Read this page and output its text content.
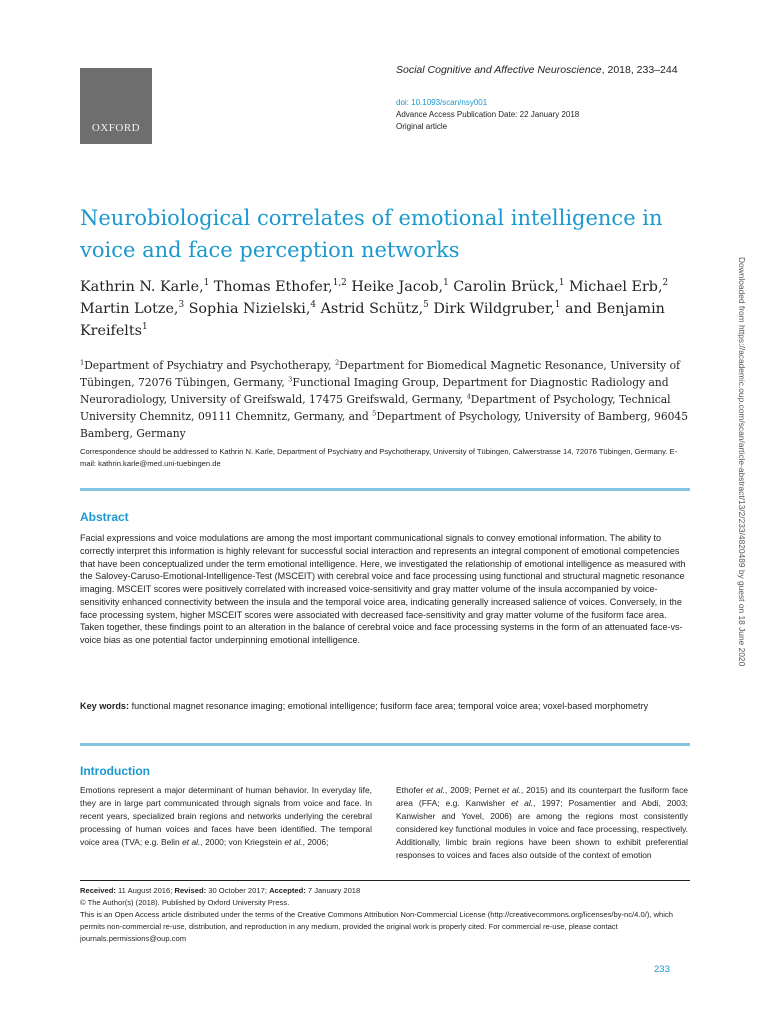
OXFORD
Social Cognitive and Affective Neuroscience, 2018, 233–244
doi: 10.1093/scan/nsy001
Advance Access Publication Date: 22 January 2018
Original article
Neurobiological correlates of emotional intelligence in voice and face perception networks
Kathrin N. Karle,$^1$ Thomas Ethofer,$^{1,2}$ Heike Jacob,$^1$ Carolin Brück,$^1$ Michael Erb,$^2$ Martin Lotze,$^3$ Sophia Nizielski,$^4$ Astrid Schütz,$^5$ Dirk Wildgruber,$^1$ and Benjamin Kreifelts$^1$
$^1$Department of Psychiatry and Psychotherapy, $^2$Department for Biomedical Magnetic Resonance, University of Tübingen, 72076 Tübingen, Germany, $^3$Functional Imaging Group, Department for Diagnostic Radiology and Neuroradiology, University of Greifswald, 17475 Greifswald, Germany, $^4$Department of Psychology, Technical University Chemnitz, 09111 Chemnitz, Germany, and $^5$Department of Psychology, University of Bamberg, 96045 Bamberg, Germany
Correspondence should be addressed to Kathrin N. Karle, Department of Psychiatry and Psychotherapy, University of Tübingen, Calwerstrasse 14, 72076 Tübingen, Germany. E-mail: kathrin.karle@med.uni-tuebingen.de
Abstract

Facial expressions and voice modulations are among the most important communicational signals to convey emotional information. The ability to correctly interpret this information is highly relevant for successful social interaction and represents an integral component of emotional competencies that have been conceptualized under the term emotional intelligence. Here, we investigated the relationship of emotional intelligence as measured with the Salovey-Caruso-Emotional-Intelligence-Test (MSCEIT) with cerebral voice and face processing using functional and structural magnetic resonance imaging. MSCEIT scores were positively correlated with increased voice-sensitivity and gray matter volume of the insula accompanied by voice-sensitivity enhanced connectivity between the insula and the temporal voice area, indicating generally increased salience of voices. Conversely, in the face processing system, higher MSCEIT scores were associated with decreased face-sensitivity and gray matter volume of the fusiform face area. Taken together, these findings point to an alteration in the balance of cerebral voice and face processing systems in the form of an attenuated face-vs-voice bias as one potential factor underpinning emotional intelligence.

Key words: functional magnet resonance imaging; emotional intelligence; fusiform face area; temporal voice area; voxel-based morphometry

Introduction

Emotions represent a major determinant of human behavior. In everyday life, they are in large part communicated through signals from voice and face. In recent years, specialized brain regions and networks underlying the cerebral processing of human voices and faces have been identified. The temporal voice area (TVA; e.g. Belin et al., 2000; von Kriegstein et al., 2006;

Ethofer et al., 2009; Pernet et al., 2015) and its counterpart the fusiform face area (FFA; e.g. Kanwisher et al., 1997; Posamentier and Abdi, 2003; Kanwisher and Yovel, 2006) are among the regions most consistently considered key functional modules in voice and face processing, respectively. Additionally, limbic brain regions have been shown to exhibit preferential responses to voices and faces also outside of the context of emotion

Received: 11 August 2016; Revised: 30 October 2017; Accepted: 7 January 2018
© The Author(s) (2018). Published by Oxford University Press.
This is an Open Access article distributed under the terms of the Creative Commons Attribution Non-Commercial License (http://creativecommons.org/licenses/by-nc/4.0/), which permits non-commercial re-use, distribution, and reproduction in any medium, provided the original work is properly cited. For commercial re-use, please contact journals.permissions@oup.com
233
Downloaded from https://academic.oup.com/scan/article-abstract/13/2/233/4820489 by guest on 18 June 2020
